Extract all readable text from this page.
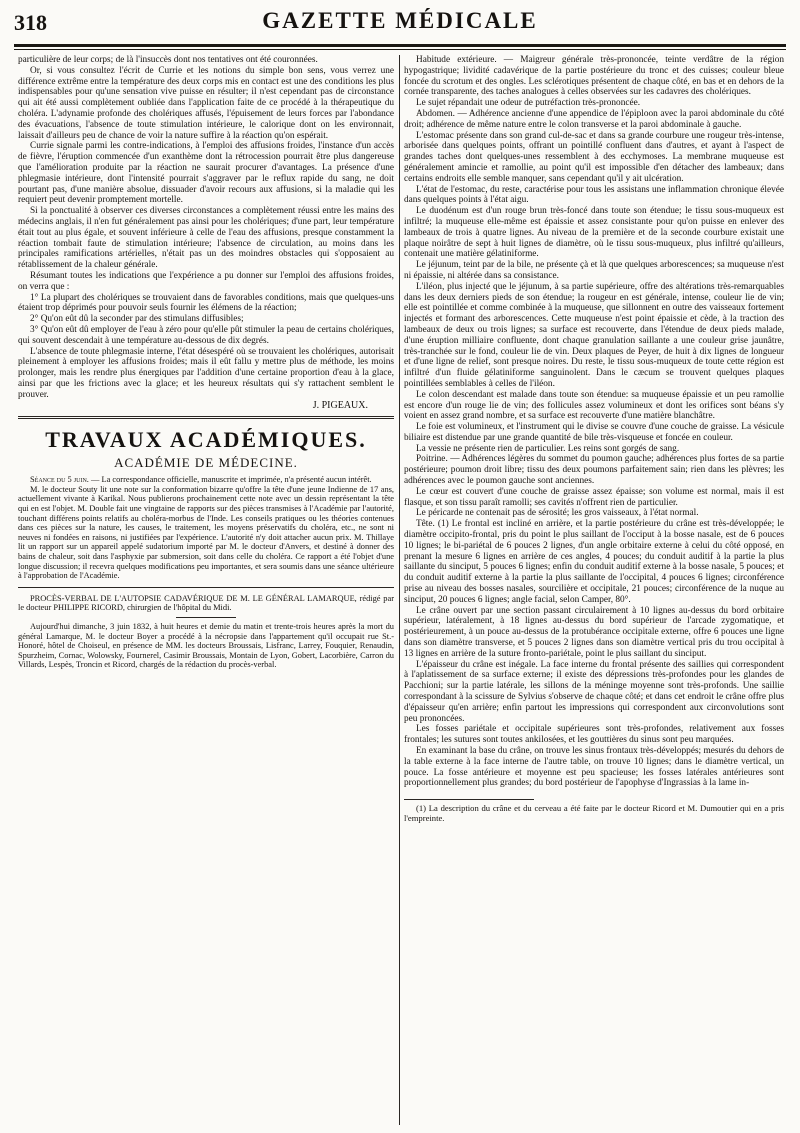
318	GAZETTE MÉDICALE

particulière de leur corps; de là l'insuccès dont nos tentatives ont été couronnées.

Or, si vous consultez l'écrit de Currie et les notions du simple bon sens, vous verrez une différence extrême entre la température des deux corps mis en contact est une des conditions les plus indispensables pour qu'une sensation vive puisse en résulter; il n'est cependant pas de circonstance qui ait été aussi complètement oubliée dans l'application faite de ce procédé à la thérapeutique du choléra. L'adynamie profonde des cholériques affusés, l'épuisement de leurs forces par l'abondance des évacuations, l'absence de toute stimulation intérieure, le calorique dont on les environnait, laissait d'ailleurs peu de chance de voir la nature suffire à la réaction qu'on espérait.

Currie signale parmi les contre-indications, à l'emploi des affusions froides, l'instance d'un accès de fièvre, l'éruption commencée d'un exanthème dont la rétrocession pourrait être plus dangereuse que l'amélioration produite par la réaction ne saurait procurer d'avantages. La présence d'une phlegmasie intérieure, dont l'intensité pourrait s'aggraver par le reflux rapide du sang, ne doit pourtant pas, d'une manière absolue, dissuader d'avoir recours aux affusions, si la maladie qui les requiert peut devenir promptement mortelle.

Si la ponctualité à observer ces diverses circonstances a complètement réussi entre les mains des médecins anglais, il n'en fut généralement pas ainsi pour les cholériques; d'une part, leur température était tout au plus égale, et souvent inférieure à celle de l'eau des affusions, presque constamment la réaction tombait faute de stimulation intérieure; l'absence de circulation, au moins dans les principales ramifications artérielles, n'était pas un des moindres obstacles qui s'opposaient au rétablissement de la chaleur générale.

Résumant toutes les indications que l'expérience a pu donner sur l'emploi des affusions froides, on verra que :

1° La plupart des cholériques se trouvaient dans de favorables conditions, mais que quelques-uns étaient trop déprimés pour pouvoir seuls fournir les élémens de la réaction;

2° Qu'on eût dû la seconder par des stimulans diffusibles;

3° Qu'on eût dû employer de l'eau à zéro pour qu'elle pût stimuler la peau de certains cholériques, qui souvent descendait à une température au-dessous de dix degrés.

L'absence de toute phlegmasie interne, l'état désespéré où se trouvaient les cholériques, autorisait pleinement à employer les affusions froides; mais il eût fallu y mettre plus de méthode, les moins prolonger, mais les rendre plus énergiques par l'addition d'une certaine proportion d'eau à la glace, ainsi par que les frictions avec la glace; et les heureux résultats qui s'y rattachent semblent le prouver.

J. PIGEAUX.

TRAVAUX ACADÉMIQUES.

ACADÉMIE DE MÉDECINE.

Séance du 5 juin. — La correspondance officielle, manuscrite et imprimée, n'a présenté aucun intérêt.

M. le docteur Souty lit une note sur la conformation bizarre qu'offre la tête d'une jeune Indienne de 17 ans, actuellement vivante à Karikal. Nous publierons prochainement cette note avec un dessin représentant la tête qui en est l'objet. M. Double fait une vingtaine de rapports sur des pièces transmises à l'Académie par l'autorité, touchant différens points relatifs au choléra-morbus de l'Inde. Les conseils pratiques ou les théories contenues dans ces pièces sur la nature, les causes, le traitement, les moyens préservatifs du choléra, etc., ne sont ni neuves ni fondées en raisons, ni justifiées par l'expérience. L'autorité n'y doit attacher aucun prix. M. Thillaye lit un rapport sur un appareil appelé sudatorium importé par M. le docteur d'Anvers, et destiné à donner des bains de chaleur, soit dans l'asphyxie par submersion, soit dans celle du choléra. Ce rapport a été l'objet d'une longue discussion; il recevra quelques modifications peu importantes, et sera soumis dans une séance ultérieure à l'approbation de l'Académie.

PROCÈS-VERBAL DE L'AUTOPSIE CADAVÉRIQUE DE M. LE GÉNÉRAL LAMARQUE, rédigé par le docteur PHILIPPE RICORD, chirurgien de l'hôpital du Midi.

Aujourd'hui dimanche, 3 juin 1832, à huit heures et demie du matin et trente-trois heures après la mort du général Lamarque, M. le docteur Boyer a procédé à la nécropsie dans l'appartement qu'il occupait rue St.-Honoré, hôtel de Choiseul, en présence de MM. les docteurs Broussais, Lisfranc, Larrey, Fouquier, Renaudin, Spurzheim, Cornac, Wolowsky, Fournerel, Casimir Broussais, Montain de Lyon, Gobert, Lacorbière, Carron du Villards, Lespès, Troncin et Ricord, chargés de la rédaction du procès-verbal.

Habitude extérieure. — Maigreur générale très-prononcée, teinte verdâtre de la région hypogastrique; lividité cadavérique de la partie postérieure du tronc et des cuisses; couleur bleue foncée du scrotum et des ongles. Les sclérotiques présentent de chaque côté, en bas et en dehors de la cornée transparente, des taches analogues à celles observées sur les cadavres des cholériques.

Le sujet répandait une odeur de putréfaction très-prononcée.

Abdomen. — Adhérence ancienne d'une appendice de l'épiploon avec la paroi abdominale du côté droit; adhérence de même nature entre le colon transverse et la paroi abdominale à gauche.

L'estomac présente dans son grand cul-de-sac et dans sa grande courbure une rougeur très-intense, arborisée dans quelques points, offrant un pointillé confluent dans d'autres, et ayant à l'aspect de grandes taches dont quelques-unes ressemblent à des ecchymoses. La membrane muqueuse est généralement amincie et ramollie, au point qu'il est impossible d'en détacher des lambeaux; dans certains endroits elle semble manquer, sans cependant qu'il y ait ulcération.

L'état de l'estomac, du reste, caractérise pour tous les assistans une inflammation chronique élevée dans quelques points à l'état aigu.

Le duodénum est d'un rouge brun très-foncé dans toute son étendue; le tissu sous-muqueux est infiltré; la muqueuse elle-même est épaissie et assez consistante pour qu'on puisse en enlever des lambeaux de trois à quatre lignes. Au niveau de la première et de la seconde courbure existait une plaque noirâtre de sept à huit lignes de diamètre, où le tissu sous-muqueux, plus infiltré qu'ailleurs, contenait une matière gélatiniforme.

Le jéjunum, teint par de la bile, ne présente çà et là que quelques arborescences; sa muqueuse n'est ni épaissie, ni altérée dans sa consistance.

L'iléon, plus injecté que le jéjunum, à sa partie supérieure, offre des altérations très-remarquables dans les deux derniers pieds de son étendue; la rougeur en est générale, intense, couleur lie de vin; elle est pointillée et comme combinée à la muqueuse, que sillonnent en outre des vaisseaux fortement injectés et formant des arborescences. Cette muqueuse n'est point épaissie et cède, à la traction des lambeaux de deux ou trois lignes; sa surface est recouverte, dans l'étendue de deux pieds malade, d'une éruption milliaire confluente, dont chaque granulation saillante a une couleur grise jaunâtre, très-tranchée sur le fond, couleur lie de vin. Deux plaques de Peyer, de huit à dix lignes de longueur et d'une ligne de relief, sont presque noires. Du reste, le tissu sous-muqueux de toute cette région est infiltré d'un fluide gélatiniforme sanguinolent. Dans le cæcum se trouvent quelques plaques pointillées semblables à celles de l'iléon.

Le colon descendant est malade dans toute son étendue: sa muqueuse épaissie et un peu ramollie est encore d'un rouge lie de vin; des follicules assez volumineux et dont les orifices sont béans s'y voient en assez grand nombre, et sa surface est recouverte d'une matière blanchâtre.

Le foie est volumineux, et l'instrument qui le divise se couvre d'une couche de graisse. La vésicule biliaire est distendue par une grande quantité de bile très-visqueuse et foncée en couleur.

La vessie ne présente rien de particulier. Les reins sont gorgés de sang.

Poitrine. — Adhérences légères du sommet du poumon gauche; adhérences plus fortes de sa partie postérieure; poumon droit libre; tissu des deux poumons parfaitement sain; rien dans les plèvres; les adhérences avec le poumon gauche sont anciennes.

Le cœur est couvert d'une couche de graisse assez épaisse; son volume est normal, mais il est flasque, et son tissu paraît ramolli; ses cavités n'offrent rien de particulier.

Le péricarde ne contenait pas de sérosité; les gros vaisseaux, à l'état normal.

Tête. (1) Le frontal est incliné en arrière, et la partie postérieure du crâne est très-développée; le diamètre occipito-frontal, pris du point le plus saillant de l'occiput à la bosse nasale, est de 6 pouces 10 lignes; le bi-pariétal de 6 pouces 2 lignes, d'un angle orbitaire externe à celui du côté opposé, en prenant la mesure 6 lignes en arrière de ces angles, 4 pouces; du conduit auditif à la partie la plus saillante du sinciput, 5 pouces 6 lignes; enfin du conduit auditif externe à la bosse nasale, 5 pouces; et du conduit auditif externe à la partie la plus saillante de l'occipital, 4 pouces 6 lignes; circonférence prise au niveau des bosses nasales, sourcilière et occipitale, 21 pouces; circonférence de la nuque au sinciput, 20 pouces 6 lignes; angle facial, selon Camper, 80°.

Le crâne ouvert par une section passant circulairement à 10 lignes au-dessus du bord orbitaire supérieur, latéralement, à 18 lignes au-dessus du bord supérieur de l'arcade zygomatique, et postérieurement, à un pouce au-dessus de la protubérance occipitale externe, offre 6 pouces une ligne dans son diamètre transverse, et 5 pouces 2 lignes dans son diamètre vertical pris du trou occipital à 13 lignes en arrière de la suture fronto-pariétale, point le plus saillant du sinciput.

L'épaisseur du crâne est inégale. La face interne du frontal présente des saillies qui correspondent à l'aplatissement de sa surface externe; il existe des dépressions très-profondes pour les glandes de Pacchioni; sur la partie latérale, les sillons de la méninge moyenne sont très-profonds. Une saillie correspondant à la scissure de Sylvius s'observe de chaque côté; et dans cet endroit le crâne offre plus d'épaisseur qu'en arrière; enfin partout les impressions qui correspondent aux circonvolutions sont peu prononcées.

Les fosses pariétale et occipitale supérieures sont très-profondes, relativement aux fosses frontales; les sutures sont toutes ankilosées, et les gouttières du sinus sont peu marquées.

En examinant la base du crâne, on trouve les sinus frontaux très-développés; mesurés du dehors de la table externe à la face interne de l'autre table, on trouve 10 lignes; dans le diamètre vertical, un pouce. La fosse antérieure et moyenne est peu spacieuse; les fosses latérales antérieures sont proportionnellement plus grandes; du bord postérieur de l'apophyse d'Ingrassias à la lame in-

(1) La description du crâne et du cerveau a été faite par le docteur Ricord et M. Dumoutier qui en a pris l'empreinte.
